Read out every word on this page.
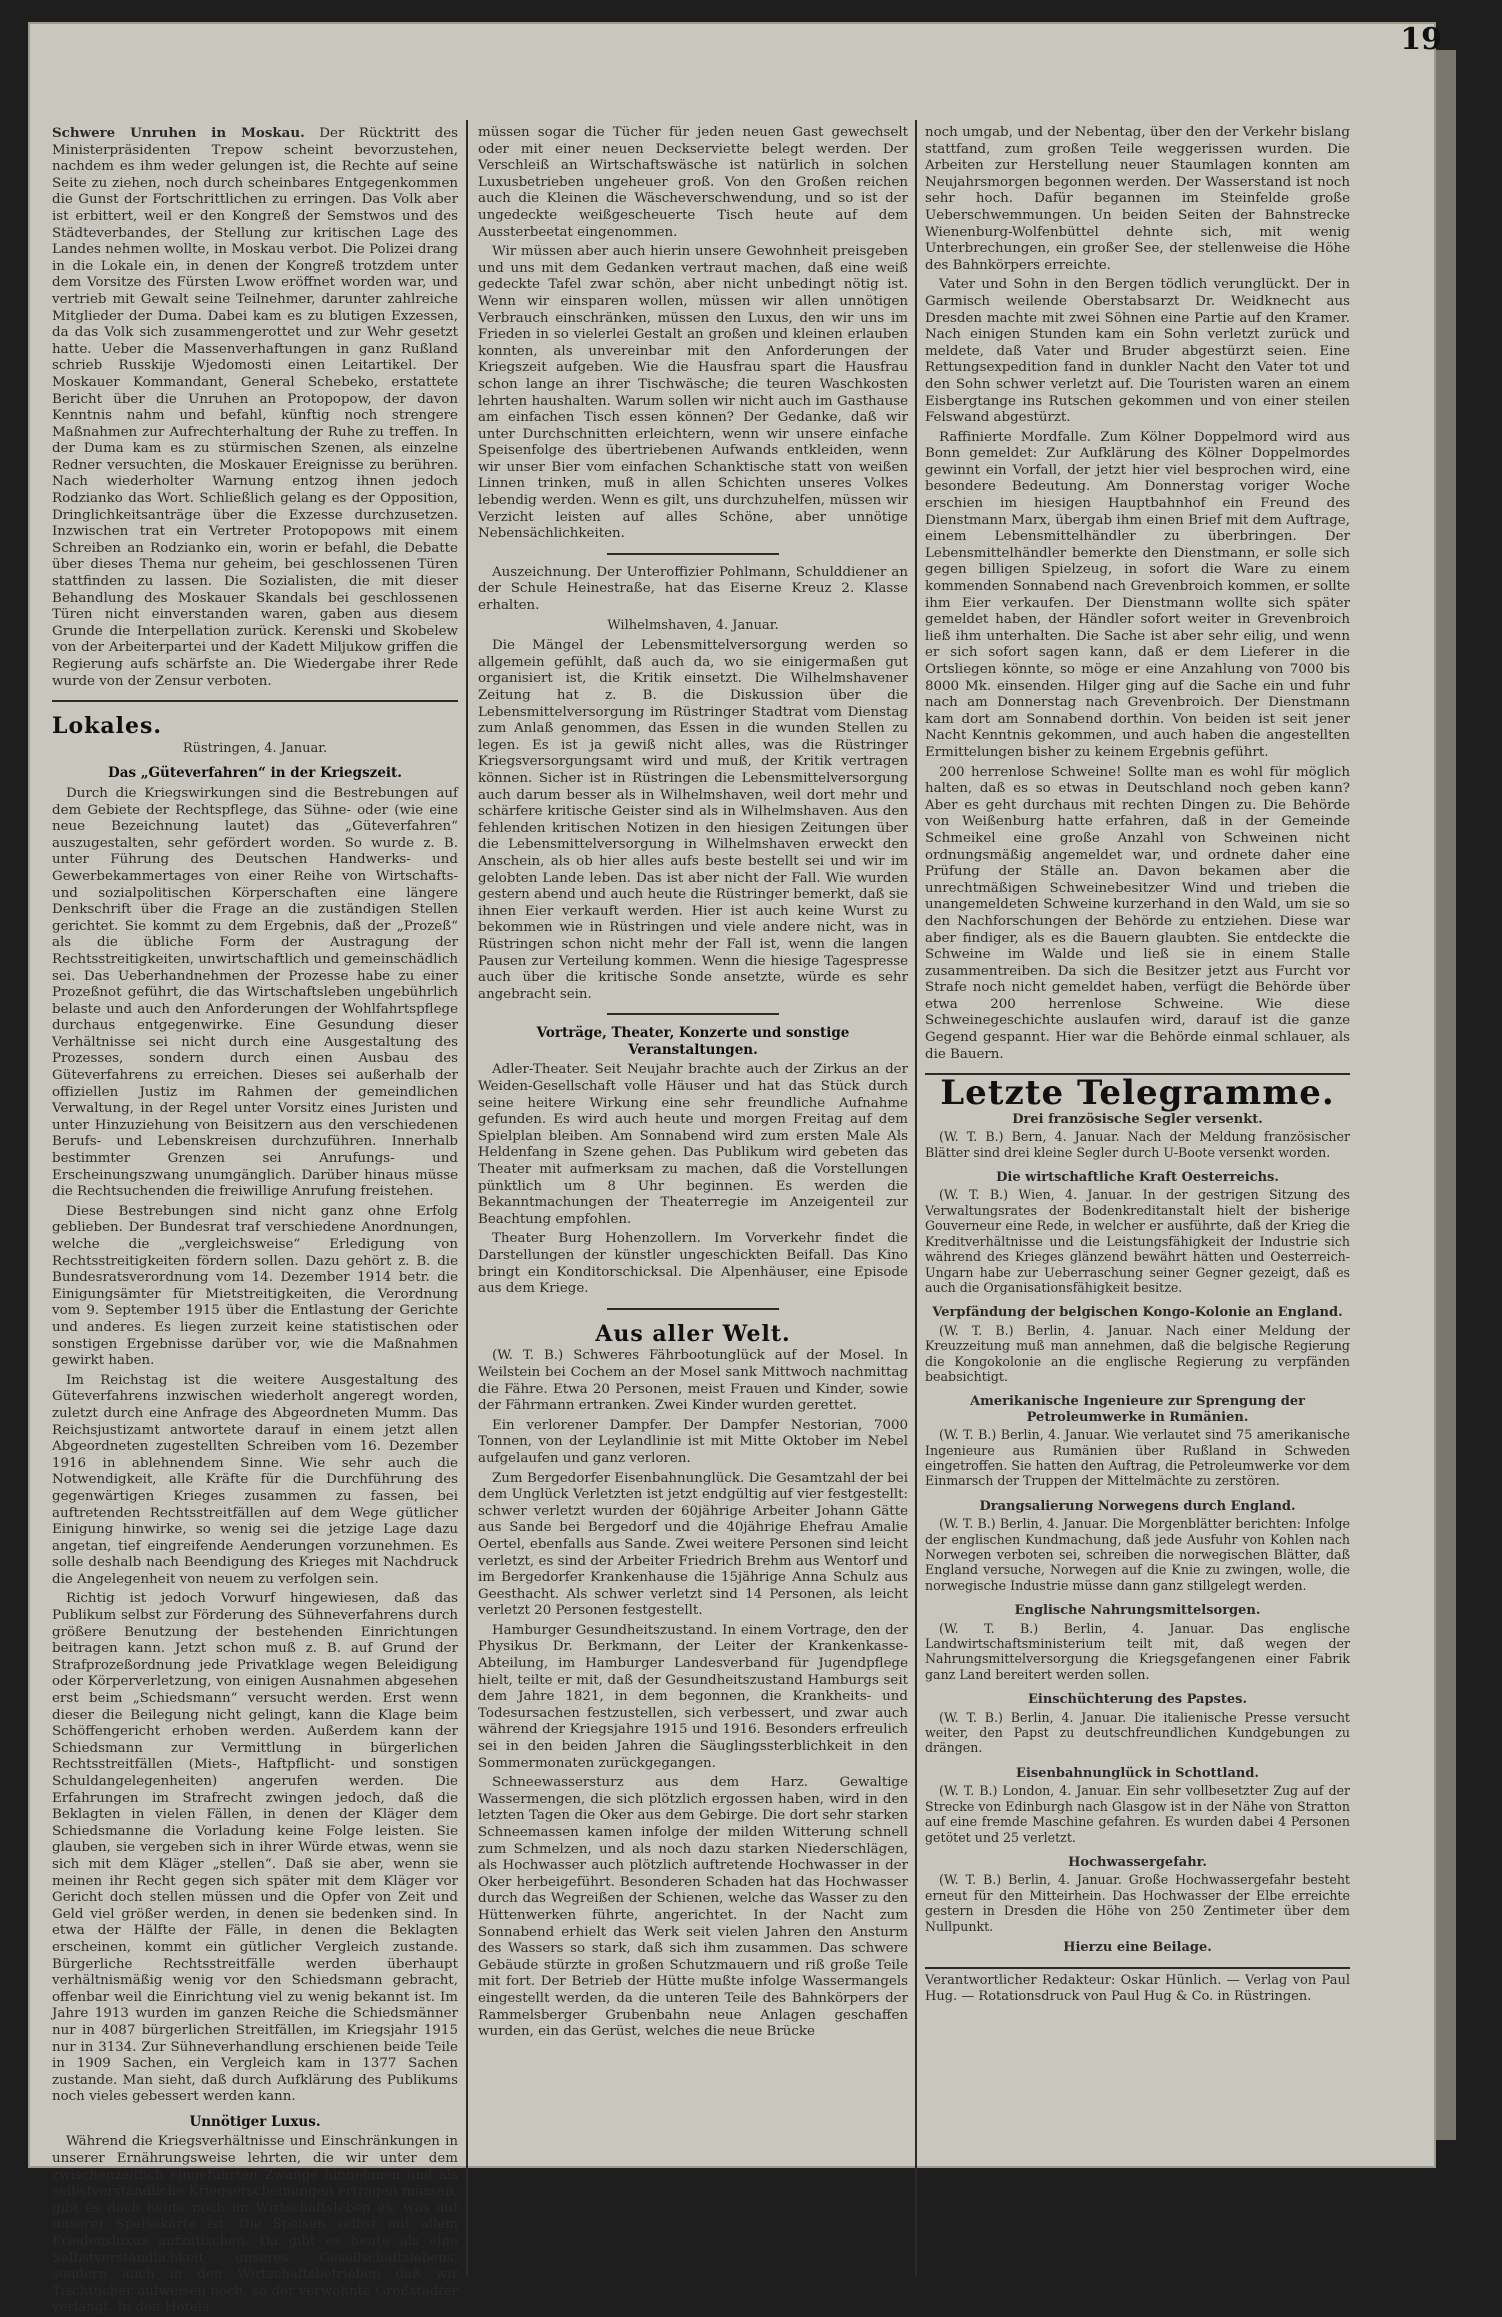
19

Schwere Unruhen in Moskau. Der Rücktritt des Ministerpräsidenten Trepow scheint bevorzustehen, nachdem es ihm weder gelungen ist, die Rechte auf seine Seite zu ziehen, noch durch scheinbares Entgegenkommen die Gunst der Fortschrittlichen zu erringen. Das Volk aber ist erbittert, weil er den Kongreß der Semstwos und des Städteverbandes, der Stellung zur kritischen Lage des Landes nehmen wollte, in Moskau verbot. Die Polizei drang in die Lokale ein, in denen der Kongreß trotzdem unter dem Vorsitze des Fürsten Lwow eröffnet worden war, und vertrieb mit Gewalt seine Teilnehmer, darunter zahlreiche Mitglieder der Duma. Dabei kam es zu blutigen Exzessen, da das Volk sich zusammengerottet und zur Wehr gesetzt hatte. Ueber die Massenverhaftungen in ganz Rußland schrieb Russkije Wjedomosti einen Leitartikel. Der Moskauer Kommandant, General Schebeko, erstattete Bericht über die Unruhen an Protopopow, der davon Kenntnis nahm und befahl, künftig noch strengere Maßnahmen zur Aufrechterhaltung der Ruhe zu treffen. In der Duma kam es zu stürmischen Szenen, als einzelne Redner versuchten, die Moskauer Ereignisse zu berühren. Nach wiederholter Warnung entzog ihnen jedoch Rodzianko das Wort. Schließlich gelang es der Opposition, Dringlichkeitsanträge über die Exzesse durchzusetzen. Inzwischen trat ein Vertreter Protopopows mit einem Schreiben an Rodzianko ein, worin er befahl, die Debatte über dieses Thema nur geheim, bei geschlossenen Türen stattfinden zu lassen. Die Sozialisten, die mit dieser Behandlung des Moskauer Skandals bei geschlossenen Türen nicht einverstanden waren, gaben aus diesem Grunde die Interpellation zurück. Kerenski und Skobelew von der Arbeiterpartei und der Kadett Miljukow griffen die Regierung aufs schärfste an. Die Wiedergabe ihrer Rede wurde von der Zensur verboten.

Lokales.
Rüstringen, 4. Januar.
Das „Güteverfahren“ in der Kriegszeit.

Durch die Kriegswirkungen sind die Bestrebungen auf dem Gebiete der Rechtspflege, das Sühne- oder (wie eine neue Bezeichnung lautet) das „Güteverfahren“ auszugestalten, sehr gefördert worden. So wurde z. B. unter Führung des Deutschen Handwerks- und Gewerbekammertages von einer Reihe von Wirtschafts- und sozialpolitischen Körperschaften eine längere Denkschrift über die Frage an die zuständigen Stellen gerichtet. Sie kommt zu dem Ergebnis, daß der „Prozeß“ als die übliche Form der Austragung der Rechtsstreitigkeiten, unwirtschaftlich und gemeinschädlich sei. Das Ueberhandnehmen der Prozesse habe zu einer Prozeßnot geführt, die das Wirtschaftsleben ungebührlich belaste und auch den Anforderungen der Wohlfahrtspflege durchaus entgegenwirke. Eine Gesundung dieser Verhältnisse sei nicht durch eine Ausgestaltung des Prozesses, sondern durch einen Ausbau des Güteverfahrens zu erreichen. Dieses sei außerhalb der offiziellen Justiz im Rahmen der gemeindlichen Verwaltung, in der Regel unter Vorsitz eines Juristen und unter Hinzuziehung von Beisitzern aus den verschiedenen Berufs- und Lebenskreisen durchzuführen. Innerhalb bestimmter Grenzen sei Anrufungs- und Erscheinungszwang unumgänglich. Darüber hinaus müsse die Rechtsuchenden die freiwillige Anrufung freistehen.

Diese Bestrebungen sind nicht ganz ohne Erfolg geblieben. Der Bundesrat traf verschiedene Anordnungen, welche die „vergleichsweise“ Erledigung von Rechtsstreitigkeiten fördern sollen. Dazu gehört z. B. die Bundesratsverordnung vom 14. Dezember 1914 betr. die Einigungsämter für Mietstreitigkeiten, die Verordnung vom 9. September 1915 über die Entlastung der Gerichte und anderes. Es liegen zurzeit keine statistischen oder sonstigen Ergebnisse darüber vor, wie die Maßnahmen gewirkt haben.

Im Reichstag ist die weitere Ausgestaltung des Güteverfahrens inzwischen wiederholt angeregt worden, zuletzt durch eine Anfrage des Abgeordneten Mumm. Das Reichsjustizamt antwortete darauf in einem jetzt allen Abgeordneten zugestellten Schreiben vom 16. Dezember 1916 in ablehnendem Sinne. Wie sehr auch die Notwendigkeit, alle Kräfte für die Durchführung des gegenwärtigen Krieges zusammen zu fassen, bei auftretenden Rechtsstreitfällen auf dem Wege gütlicher Einigung hinwirke, so wenig sei die jetzige Lage dazu angetan, tief eingreifende Aenderungen vorzunehmen. Es solle deshalb nach Beendigung des Krieges mit Nachdruck die Angelegenheit von neuem zu verfolgen sein.

Richtig ist jedoch Vorwurf hingewiesen, daß das Publikum selbst zur Förderung des Sühneverfahrens durch größere Benutzung der bestehenden Einrichtungen beitragen kann. Jetzt schon muß z. B. auf Grund der Strafprozeßordnung jede Privatklage wegen Beleidigung oder Körperverletzung, von einigen Ausnahmen abgesehen erst beim „Schiedsmann“ versucht werden. Erst wenn dieser die Beilegung nicht gelingt, kann die Klage beim Schöffengericht erhoben werden. Außerdem kann der Schiedsmann zur Vermittlung in bürgerlichen Rechtsstreitfällen (Miets-, Haftpflicht- und sonstigen Schuldangelegenheiten) angerufen werden. Die Erfahrungen im Strafrecht zwingen jedoch, daß die Beklagten in vielen Fällen, in denen der Kläger dem Schiedsmanne die Vorladung keine Folge leisten. Sie glauben, sie vergeben sich in ihrer Würde etwas, wenn sie sich mit dem Kläger „stellen“. Daß sie aber, wenn sie meinen ihr Recht gegen sich später mit dem Kläger vor Gericht doch stellen müssen und die Opfer von Zeit und Geld viel größer werden, in denen sie bedenken sind. In etwa der Hälfte der Fälle, in denen die Beklagten erscheinen, kommt ein gütlicher Vergleich zustande. Bürgerliche Rechtsstreitfälle werden überhaupt verhältnismäßig wenig vor den Schiedsmann gebracht, offenbar weil die Einrichtung viel zu wenig bekannt ist. Im Jahre 1913 wurden im ganzen Reiche die Schiedsmänner nur in 4087 bürgerlichen Streitfällen, im Kriegsjahr 1915 nur in 3134. Zur Sühneverhandlung erschienen beide Teile in 1909 Sachen, ein Vergleich kam in 1377 Sachen zustande. Man sieht, daß durch Aufklärung des Publikums noch vieles gebessert werden kann.

Unnötiger Luxus.

Während die Kriegsverhältnisse und Einschränkungen in unserer Ernährungsweise lehrten, die wir unter dem zwischenzeitlich eingeführten Zwange hinnehmen und als selbstverständliche Kriegserscheinungen ertragen müssen, gibt es doch heute noch im Wirtschaftsleben es, was auf unserer Speisekarte ist. Die Speisen selbst mit allem Friedensluxus aufzutischen. Da gibt es heute als eine Selbstverständlichkeit unseres Gesellschaftslebens, sondern auch in den Wirtschaftsbetrieben daß wir Tischtücher aufweisen noch, so der verwöhnte Großstädter verlangt. In den Hotels

müssen sogar die Tücher für jeden neuen Gast gewechselt oder mit einer neuen Deckserviette belegt werden. Der Verschleiß an Wirtschaftswäsche ist natürlich in solchen Luxusbetrieben ungeheuer groß. Von den Großen reichen auch die Kleinen die Wäscheverschwendung, und so ist der ungedeckte weißgescheuerte Tisch heute auf dem Aussterbeetat eingenommen.

Wir müssen aber auch hierin unsere Gewohnheit preisgeben und uns mit dem Gedanken vertraut machen, daß eine weiß gedeckte Tafel zwar schön, aber nicht unbedingt nötig ist. Wenn wir einsparen wollen, müssen wir allen unnötigen Verbrauch einschränken, müssen den Luxus, den wir uns im Frieden in so vielerlei Gestalt an großen und kleinen erlauben konnten, als unvereinbar mit den Anforderungen der Kriegszeit aufgeben. Wie die Hausfrau spart die Hausfrau schon lange an ihrer Tischwäsche; die teuren Waschkosten lehrten haushalten. Warum sollen wir nicht auch im Gasthause am einfachen Tisch essen können? Der Gedanke, daß wir unter Durchschnitten erleichtern, wenn wir unsere einfache Speisenfolge des übertriebenen Aufwands entkleiden, wenn wir unser Bier vom einfachen Schanktische statt von weißen Linnen trinken, muß in allen Schichten unseres Volkes lebendig werden. Wenn es gilt, uns durchzuhelfen, müssen wir Verzicht leisten auf alles Schöne, aber unnötige Nebensächlichkeiten.

Auszeichnung. Der Unteroffizier Pohlmann, Schulddiener an der Schule Heinestraße, hat das Eiserne Kreuz 2. Klasse erhalten.

Wilhelmshaven, 4. Januar.

Die Mängel der Lebensmittelversorgung werden so allgemein gefühlt, daß auch da, wo sie einigermaßen gut organisiert ist, die Kritik einsetzt. Die Wilhelmshavener Zeitung hat z. B. die Diskussion über die Lebensmittelversorgung im Rüstringer Stadtrat vom Dienstag zum Anlaß genommen, das Essen in die wunden Stellen zu legen. Es ist ja gewiß nicht alles, was die Rüstringer Kriegsversorgungsamt wird und muß, der Kritik vertragen können. Sicher ist in Rüstringen die Lebensmittelversorgung auch darum besser als in Wilhelmshaven, weil dort mehr und schärfere kritische Geister sind als in Wilhelmshaven. Aus den fehlenden kritischen Notizen in den hiesigen Zeitungen über die Lebensmittelversorgung in Wilhelmshaven erweckt den Anschein, als ob hier alles aufs beste bestellt sei und wir im gelobten Lande leben. Das ist aber nicht der Fall. Wie wurden gestern abend und auch heute die Rüstringer bemerkt, daß sie ihnen Eier verkauft werden. Hier ist auch keine Wurst zu bekommen wie in Rüstringen und viele andere nicht, was in Rüstringen schon nicht mehr der Fall ist, wenn die langen Pausen zur Verteilung kommen. Wenn die hiesige Tagespresse auch über die kritische Sonde ansetzte, würde es sehr angebracht sein.

Vorträge, Theater, Konzerte und sonstige Veranstaltungen.

Adler-Theater. Seit Neujahr brachte auch der Zirkus an der Weiden-Gesellschaft volle Häuser und hat das Stück durch seine heitere Wirkung eine sehr freundliche Aufnahme gefunden. Es wird auch heute und morgen Freitag auf dem Spielplan bleiben. Am Sonnabend wird zum ersten Male Als Heldenfang in Szene gehen. Das Publikum wird gebeten das Theater mit aufmerksam zu machen, daß die Vorstellungen pünktlich um 8 Uhr beginnen. Es werden die Bekanntmachungen der Theaterregie im Anzeigenteil zur Beachtung empfohlen.

Theater Burg Hohenzollern. Im Vorverkehr findet die Darstellungen der künstler ungeschickten Beifall. Das Kino bringt ein Konditorschicksal. Die Alpenhäuser, eine Episode aus dem Kriege.

Aus aller Welt.

(W. T. B.) Schweres Fährbootunglück auf der Mosel. In Weilstein bei Cochem an der Mosel sank Mittwoch nachmittag die Fähre. Etwa 20 Personen, meist Frauen und Kinder, sowie der Fährmann ertranken. Zwei Kinder wurden gerettet.

Ein verlorener Dampfer. Der Dampfer Nestorian, 7000 Tonnen, von der Leylandlinie ist mit Mitte Oktober im Nebel aufgelaufen und ganz verloren.

Zum Bergedorfer Eisenbahnunglück. Die Gesamtzahl der bei dem Unglück Verletzten ist jetzt endgültig auf vier festgestellt: schwer verletzt wurden der 60jährige Arbeiter Johann Gätte aus Sande bei Bergedorf und die 40jährige Ehefrau Amalie Oertel, ebenfalls aus Sande. Zwei weitere Personen sind leicht verletzt, es sind der Arbeiter Friedrich Brehm aus Wentorf und im Bergedorfer Krankenhause die 15jährige Anna Schulz aus Geesthacht. Als schwer verletzt sind 14 Personen, als leicht verletzt 20 Personen festgestellt.

Hamburger Gesundheitszustand. In einem Vortrage, den der Physikus Dr. Berkmann, der Leiter der Krankenkasse-Abteilung, im Hamburger Landesverband für Jugendpflege hielt, teilte er mit, daß der Gesundheitszustand Hamburgs seit dem Jahre 1821, in dem begonnen, die Krankheits- und Todesursachen festzustellen, sich verbessert, und zwar auch während der Kriegsjahre 1915 und 1916. Besonders erfreulich sei in den beiden Jahren die Säuglingssterblichkeit in den Sommermonaten zurückgegangen.

Schneewassersturz aus dem Harz. Gewaltige Wassermengen, die sich plötzlich ergossen haben, wird in den letzten Tagen die Oker aus dem Gebirge. Die dort sehr starken Schneemassen kamen infolge der milden Witterung schnell zum Schmelzen, und als noch dazu starken Niederschlägen, als Hochwasser auch plötzlich auftretende Hochwasser in der Oker herbeigeführt. Besonderen Schaden hat das Hochwasser durch das Wegreißen der Schienen, welche das Wasser zu den Hüttenwerken führte, angerichtet. In der Nacht zum Sonnabend erhielt das Werk seit vielen Jahren den Ansturm des Wassers so stark, daß sich ihm zusammen. Das schwere Gebäude stürzte in großen Schutzmauern und riß große Teile mit fort. Der Betrieb der Hütte mußte infolge Wassermangels eingestellt werden, da die unteren Teile des Bahnkörpers der Rammelsberger Grubenbahn neue Anlagen geschaffen wurden, ein das Gerüst, welches die neue Brücke

noch umgab, und der Nebentag, über den der Verkehr bislang stattfand, zum großen Teile weggerissen wurden. Die Arbeiten zur Herstellung neuer Staumlagen konnten am Neujahrsmorgen begonnen werden. Der Wasserstand ist noch sehr hoch. Dafür begannen im Steinfelde große Ueberschwemmungen. Un beiden Seiten der Bahnstrecke Wienenburg-Wolfenbüttel dehnte sich, mit wenig Unterbrechungen, ein großer See, der stellenweise die Höhe des Bahnkörpers erreichte.

Vater und Sohn in den Bergen tödlich verunglückt. Der in Garmisch weilende Oberstabsarzt Dr. Weidknecht aus Dresden machte mit zwei Söhnen eine Partie auf den Kramer. Nach einigen Stunden kam ein Sohn verletzt zurück und meldete, daß Vater und Bruder abgestürzt seien. Eine Rettungsexpedition fand in dunkler Nacht den Vater tot und den Sohn schwer verletzt auf. Die Touristen waren an einem Eisbergtange ins Rutschen gekommen und von einer steilen Felswand abgestürzt.

Raffinierte Mordfalle. Zum Kölner Doppelmord wird aus Bonn gemeldet: Zur Aufklärung des Kölner Doppelmordes gewinnt ein Vorfall, der jetzt hier viel besprochen wird, eine besondere Bedeutung. Am Donnerstag voriger Woche erschien im hiesigen Hauptbahnhof ein Freund des Dienstmann Marx, übergab ihm einen Brief mit dem Auftrage, einem Lebensmittelhändler zu überbringen. Der Lebensmittelhändler bemerkte den Dienstmann, er solle sich gegen billigen Spielzeug, in sofort die Ware zu einem kommenden Sonnabend nach Grevenbroich kommen, er sollte ihm Eier verkaufen. Der Dienstmann wollte sich später gemeldet haben, der Händler sofort weiter in Grevenbroich ließ ihm unterhalten. Die Sache ist aber sehr eilig, und wenn er sich sofort sagen kann, daß er dem Lieferer in die Ortsliegen könnte, so möge er eine Anzahlung von 7000 bis 8000 Mk. einsenden. Hilger ging auf die Sache ein und fuhr nach am Donnerstag nach Grevenbroich. Der Dienstmann kam dort am Sonnabend dorthin. Von beiden ist seit jener Nacht Kenntnis gekommen, und auch haben die angestellten Ermittelungen bisher zu keinem Ergebnis geführt.

200 herrenlose Schweine! Sollte man es wohl für möglich halten, daß es so etwas in Deutschland noch geben kann? Aber es geht durchaus mit rechten Dingen zu. Die Behörde von Weißenburg hatte erfahren, daß in der Gemeinde Schmeikel eine große Anzahl von Schweinen nicht ordnungsmäßig angemeldet war, und ordnete daher eine Prüfung der Ställe an. Davon bekamen aber die unrechtmäßigen Schweinebesitzer Wind und trieben die unangemeldeten Schweine kurzerhand in den Wald, um sie so den Nachforschungen der Behörde zu entziehen. Diese war aber findiger, als es die Bauern glaubten. Sie entdeckte die Schweine im Walde und ließ sie in einem Stalle zusammentreiben. Da sich die Besitzer jetzt aus Furcht vor Strafe noch nicht gemeldet haben, verfügt die Behörde über etwa 200 herrenlose Schweine. Wie diese Schweinegeschichte auslaufen wird, darauf ist die ganze Gegend gespannt. Hier war die Behörde einmal schlauer, als die Bauern.

Letzte Telegramme.
Drei französische Segler versenkt.

(W. T. B.) Bern, 4. Januar. Nach der Meldung französischer Blätter sind drei kleine Segler durch U-Boote versenkt worden.

Die wirtschaftliche Kraft Oesterreichs.

(W. T. B.) Wien, 4. Januar. In der gestrigen Sitzung des Verwaltungsrates der Bodenkreditanstalt hielt der bisherige Gouverneur eine Rede, in welcher er ausführte, daß der Krieg die Kreditverhältnisse und die Leistungsfähigkeit der Industrie sich während des Krieges glänzend bewährt hätten und Oesterreich-Ungarn habe zur Ueberraschung seiner Gegner gezeigt, daß es auch die Organisationsfähigkeit besitze.

Verpfändung der belgischen Kongo-Kolonie an England.

(W. T. B.) Berlin, 4. Januar. Nach einer Meldung der Kreuzzeitung muß man annehmen, daß die belgische Regierung die Kongokolonie an die englische Regierung zu verpfänden beabsichtigt.

Amerikanische Ingenieure zur Sprengung der Petroleumwerke in Rumänien.

(W. T. B.) Berlin, 4. Januar. Wie verlautet sind 75 amerikanische Ingenieure aus Rumänien über Rußland in Schweden eingetroffen. Sie hatten den Auftrag, die Petroleumwerke vor dem Einmarsch der Truppen der Mittelmächte zu zerstören.

Drangsalierung Norwegens durch England.

(W. T. B.) Berlin, 4. Januar. Die Morgenblätter berichten: Infolge der englischen Kundmachung, daß jede Ausfuhr von Kohlen nach Norwegen verboten sei, schreiben die norwegischen Blätter, daß England versuche, Norwegen auf die Knie zu zwingen, wolle, die norwegische Industrie müsse dann ganz stillgelegt werden.

Englische Nahrungsmittelsorgen.

(W. T. B.) Berlin, 4. Januar. Das englische Landwirtschaftsministerium teilt mit, daß wegen der Nahrungsmittelversorgung die Kriegsgefangenen einer Fabrik ganz Land bereitert werden sollen.

Einschüchterung des Papstes.

(W. T. B.) Berlin, 4. Januar. Die italienische Presse versucht weiter, den Papst zu deutschfreundlichen Kundgebungen zu drängen.

Eisenbahnunglück in Schottland.

(W. T. B.) London, 4. Januar. Ein sehr vollbesetzter Zug auf der Strecke von Edinburgh nach Glasgow ist in der Nähe von Stratton auf eine fremde Maschine gefahren. Es wurden dabei 4 Personen getötet und 25 verletzt.

Hochwassergefahr.

(W. T. B.) Berlin, 4. Januar. Große Hochwassergefahr besteht erneut für den Mitteirhein. Das Hochwasser der Elbe erreichte gestern in Dresden die Höhe von 250 Zentimeter über dem Nullpunkt.

Hierzu eine Beilage.
Verantwortlicher Redakteur: Oskar Hünlich. — Verlag von Paul Hug. — Rotationsdruck von Paul Hug & Co. in Rüstringen.
